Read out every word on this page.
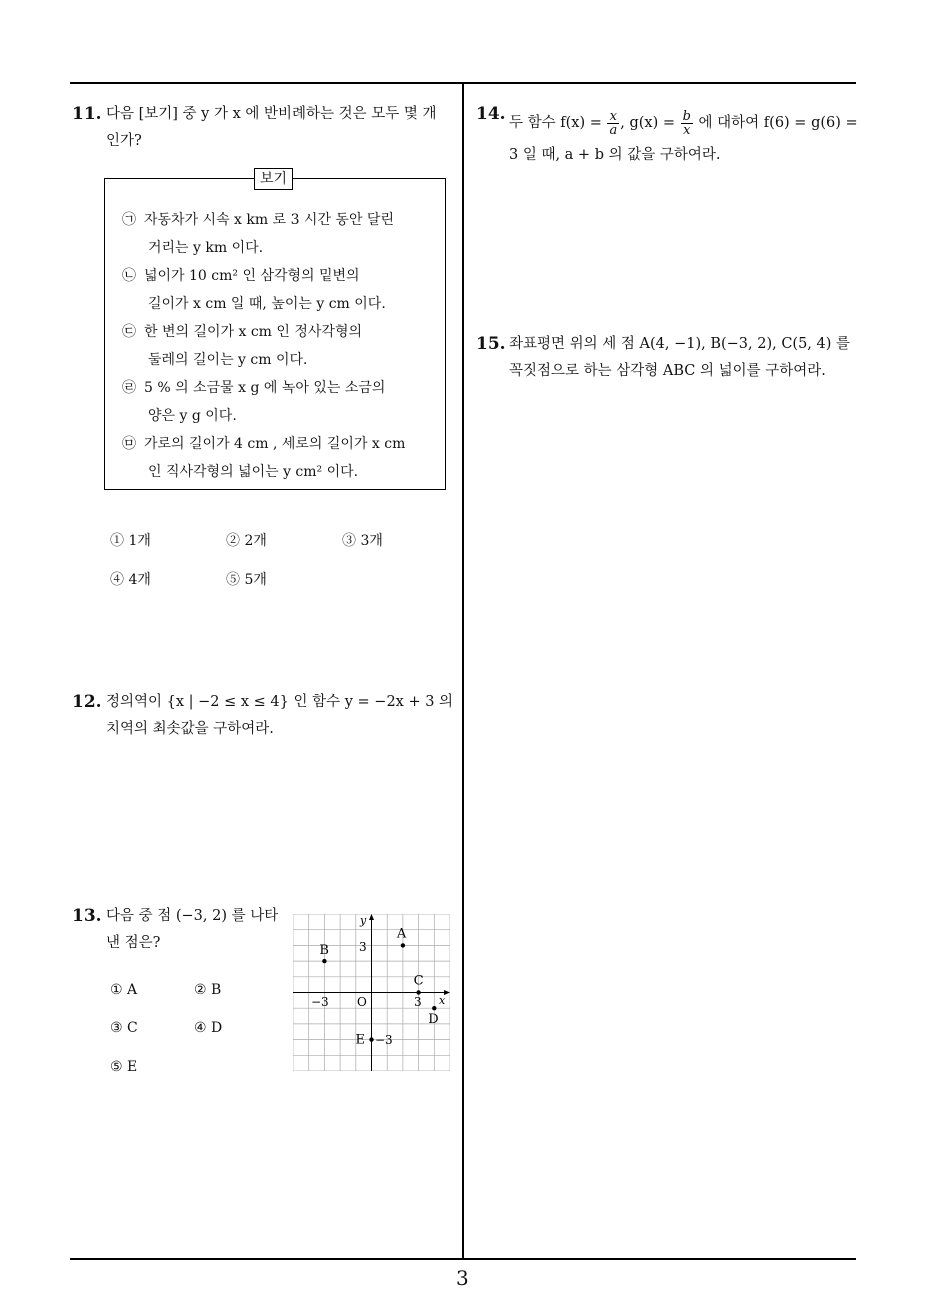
11. 다음 [보기] 중 y 가 x 에 반비례하는 것은 모두 몇 개
인가?
보기
㉠ 자동차가 시속 x km 로 3 시간 동안 달린
거리는 y km 이다.
㉡ 넓이가 10 cm² 인 삼각형의 밑변의
길이가 x cm 일 때, 높이는 y cm 이다.
㉢ 한 변의 길이가 x cm 인 정사각형의
둘레의 길이는 y cm 이다.
㉣ 5 % 의 소금물 x g 에 녹아 있는 소금의
양은 y g 이다.
㉤ 가로의 길이가 4 cm , 세로의 길이가 x cm
인 직사각형의 넓이는 y cm² 이다.
① 1개	② 2개	③ 3개
④ 4개	⑤ 5개
12. 정의역이 {x | −2 ≤ x ≤ 4} 인 함수 y = −2x + 3 의
치역의 최솟값을 구하여라.
13. 다음 중 점 (−3, 2) 를 나타
낸 점은?
① A	② B
③ C	④ D
⑤ E
x
y
O
3
3
−3
−3
A
B
C
D
E
14. 두 함수 $f(x) = \frac{x}{a}$ , $g(x) = \frac{b}{x}$ 에 대하여 f(6) = g(6) =
3 일 때, a + b 의 값을 구하여라.
15. 좌표평면 위의 세 점 A(4, −1), B(−3, 2), C(5, 4) 를
꼭짓점으로 하는 삼각형 ABC 의 넓이를 구하여라.
3
